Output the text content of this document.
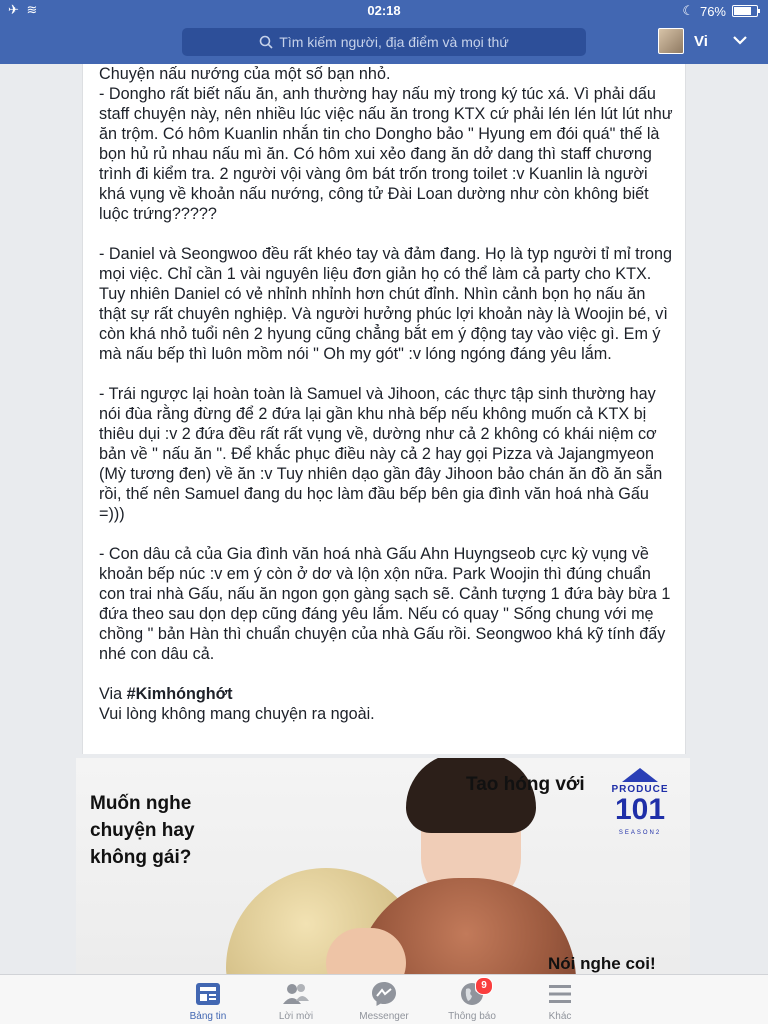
✈ ≋	02:18	☾ 76%
Tìm kiếm người, địa điểm và mọi thứ	Vi
Chuyện nấu nướng của một số bạn nhỏ.
- Dongho rất biết nấu ăn, anh thường hay nấu mỳ trong ký túc xá. Vì phải dấu staff chuyện này, nên nhiều lúc việc nấu ăn trong KTX cứ phải lén lén lút lút như ăn trộm. Có hôm Kuanlin nhắn tin cho Dongho bảo " Hyung em đói quá" thế là bọn hủ rủ nhau nấu mì ăn. Có hôm xui xẻo đang ăn dở dang thì staff chương trình đi kiểm tra. 2 người vội vàng ôm bát trốn trong toilet :v Kuanlin là người khá vụng về khoản nấu nướng, công tử Đài Loan dường như còn không biết luộc trứng?????

- Daniel và Seongwoo đều rất khéo tay và đảm đang. Họ là typ người tỉ mỉ trong mọi việc. Chỉ cần 1 vài nguyên liệu đơn giản họ có thể làm cả party cho KTX. Tuy nhiên Daniel có vẻ nhỉnh nhỉnh hơn chút đỉnh. Nhìn cảnh bọn họ nấu ăn thật sự rất chuyên nghiệp. Và người hưởng phúc lợi khoản này là Woojin bé, vì còn khá nhỏ tuổi nên 2 hyung cũng chẳng bắt em ý động tay vào việc gì. Em ý mà nấu bếp thì luôn mồm nói " Oh my gót" :v lóng ngóng đáng yêu lắm.

- Trái ngược lại hoàn toàn là Samuel và Jihoon, các thực tập sinh thường hay nói đùa rằng đừng để 2 đứa lại gần khu nhà bếp nếu không muốn cả KTX bị thiêu dụi :v 2 đứa đều rất rất vụng về, dường như cả 2 không có khái niệm cơ bản về " nấu ăn ". Để khắc phục điều này cả 2 hay gọi Pizza và Jajangmyeon (Mỳ tương đen) về ăn :v Tuy nhiên dạo gần đây Jihoon bảo chán ăn đồ ăn sẵn rồi, thế nên Samuel đang du học làm đầu bếp bên gia đình văn hoá nhà Gấu =)))

- Con dâu cả của Gia đình văn hoá nhà Gấu Ahn Huyngseob cực kỳ vụng về khoản bếp núc :v em ý còn ở dơ và lộn xộn nữa. Park Woojin thì đúng chuẩn con trai nhà Gấu, nấu ăn ngon gọn gàng sạch sẽ. Cảnh tượng 1 đứa bày bừa 1 đứa theo sau dọn dẹp cũng đáng yêu lắm. Nếu có quay " Sống chung với mẹ chồng " bản Hàn thì chuẩn chuyện của nhà Gấu rồi. Seongwoo khá kỹ tính đấy nhé con dâu cả.

Via #Kimhónghớt
Vui lòng không mang chuyện ra ngoài.
Muốn nghe
chuyện hay
không gái?
Tao hóng với
Nói nghe coi!
PRODUCE
101
SEASON2
Bảng tin	Lời mời	Messenger
9
Thông báo	Khác
